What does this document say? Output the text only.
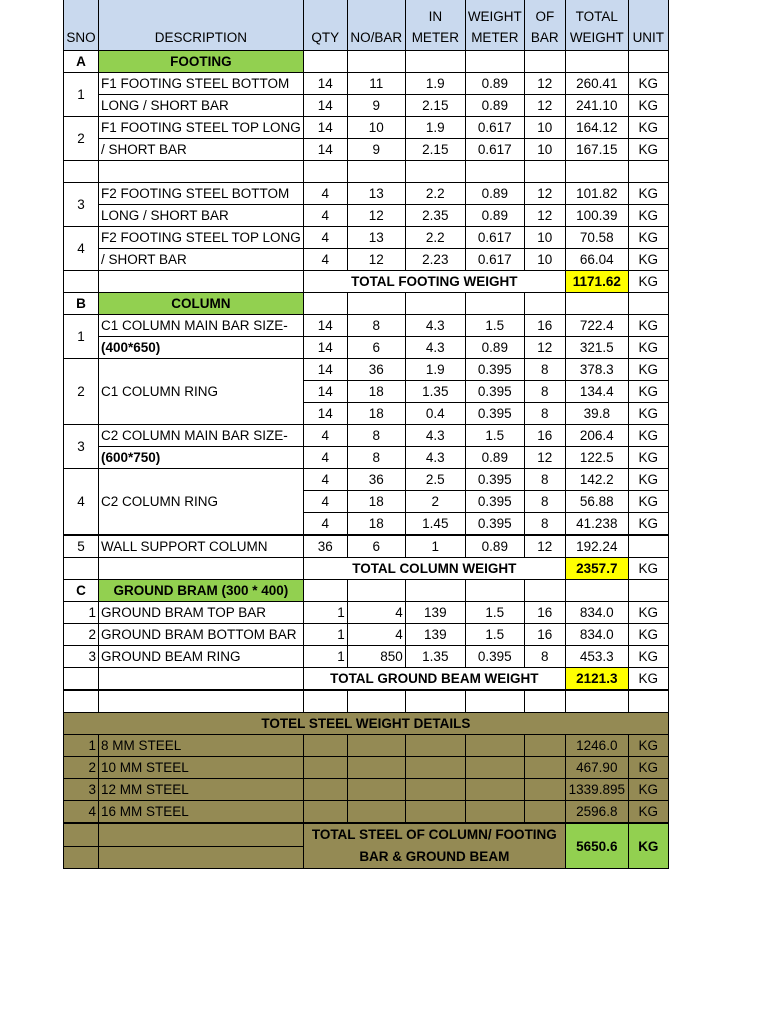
SNO	DESCRIPTION	QTY	NO/BAR	IN METER	WEIGHT METER	OF BAR	TOTAL WEIGHT	UNIT
A	FOOTING							
1	F1 FOOTING STEEL BOTTOM	14	11	1.9	0.89	12	260.41	KG
	LONG / SHORT BAR	14	9	2.15	0.89	12	241.10	KG
2	F1 FOOTING STEEL TOP LONG	14	10	1.9	0.617	10	164.12	KG
	/ SHORT BAR	14	9	2.15	0.617	10	167.15	KG

3	F2 FOOTING STEEL BOTTOM	4	13	2.2	0.89	12	101.82	KG
	LONG / SHORT BAR	4	12	2.35	0.89	12	100.39	KG
4	F2 FOOTING STEEL TOP LONG	4	13	2.2	0.617	10	70.58	KG
	/ SHORT BAR	4	12	2.23	0.617	10	66.04	KG
		TOTAL FOOTING WEIGHT					1171.62	KG
B	COLUMN							
1	C1 COLUMN MAIN BAR SIZE-	14	8	4.3	1.5	16	722.4	KG
	(400*650)	14	6	4.3	0.89	12	321.5	KG
2	C1 COLUMN RING	14	36	1.9	0.395	8	378.3	KG
		14	18	1.35	0.395	8	134.4	KG
		14	18	0.4	0.395	8	39.8	KG
3	C2 COLUMN MAIN BAR SIZE-	4	8	4.3	1.5	16	206.4	KG
	(600*750)	4	8	4.3	0.89	12	122.5	KG
4	C2 COLUMN RING	4	36	2.5	0.395	8	142.2	KG
		4	18	2	0.395	8	56.88	KG
		4	18	1.45	0.395	8	41.238	KG
5	WALL SUPPORT COLUMN	36	6	1	0.89	12	192.24	
		TOTAL COLUMN WEIGHT					2357.7	KG
C	GROUND BRAM (300 * 400)							
1	GROUND BRAM TOP BAR	1	4	139	1.5	16	834.0	KG
2	GROUND BRAM BOTTOM BAR	1	4	139	1.5	16	834.0	KG
3	GROUND BEAM RING	1	850	1.35	0.395	8	453.3	KG
		TOTAL GROUND BEAM WEIGHT					2121.3	KG

TOTEL STEEL WEIGHT DETAILS								
1	8 MM STEEL						1246.0	KG
2	10 MM STEEL						467.90	KG
3	12 MM STEEL						1339.895	KG
4	16 MM STEEL						2596.8	KG
		TOTAL STEEL OF COLUMN/ FOOTING BAR & GROUND BEAM					5650.6	KG
